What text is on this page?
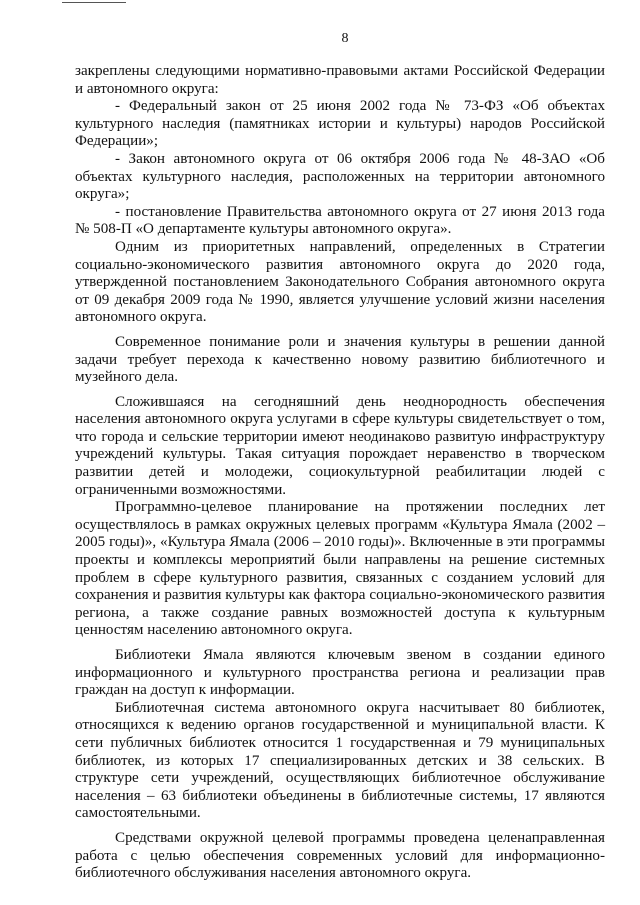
8

закреплены следующими нормативно-правовыми актами Российской Федерации и автономного округа:

- Федеральный закон от 25 июня 2002 года № 73-ФЗ «Об объектах культурного наследия (памятниках истории и культуры) народов Российской Федерации»;

- Закон автономного округа от 06 октября 2006 года № 48-ЗАО «Об объектах культурного наследия, расположенных на территории автономного округа»;

- постановление Правительства автономного округа от 27 июня 2013 года № 508-П «О департаменте культуры автономного округа».

Одним из приоритетных направлений, определенных в Стратегии социально-экономического развития автономного округа до 2020 года, утвержденной постановлением Законодательного Собрания автономного округа от 09 декабря 2009 года № 1990, является улучшение условий жизни населения автономного округа.

Современное понимание роли и значения культуры в решении данной задачи требует перехода к качественно новому развитию библиотечного и музейного дела.

Сложившаяся на сегодняшний день неоднородность обеспечения населения автономного округа услугами в сфере культуры свидетельствует о том, что города и сельские территории имеют неодинаково развитую инфраструктуру учреждений культуры. Такая ситуация порождает неравенство в творческом развитии детей и молодежи, социокультурной реабилитации людей с ограниченными возможностями.

Программно-целевое планирование на протяжении последних лет осуществлялось в рамках окружных целевых программ «Культура Ямала (2002 – 2005 годы)», «Культура Ямала (2006 – 2010 годы)». Включенные в эти программы проекты и комплексы мероприятий были направлены на решение системных проблем в сфере культурного развития, связанных с созданием условий для сохранения и развития культуры как фактора социально-экономического развития региона, а также создание равных возможностей доступа к культурным ценностям населению автономного округа.

Библиотеки Ямала являются ключевым звеном в создании единого информационного и культурного пространства региона и реализации прав граждан на доступ к информации.

Библиотечная система автономного округа насчитывает 80 библиотек, относящихся к ведению органов государственной и муниципальной власти. К сети публичных библиотек относится 1 государственная и 79 муниципальных библиотек, из которых 17 специализированных детских и 38 сельских. В структуре сети учреждений, осуществляющих библиотечное обслуживание населения – 63 библиотеки объединены в библиотечные системы, 17 являются самостоятельными.

Средствами окружной целевой программы проведена целенаправленная работа с целью обеспечения современных условий для информационно-библиотечного обслуживания населения автономного округа.
